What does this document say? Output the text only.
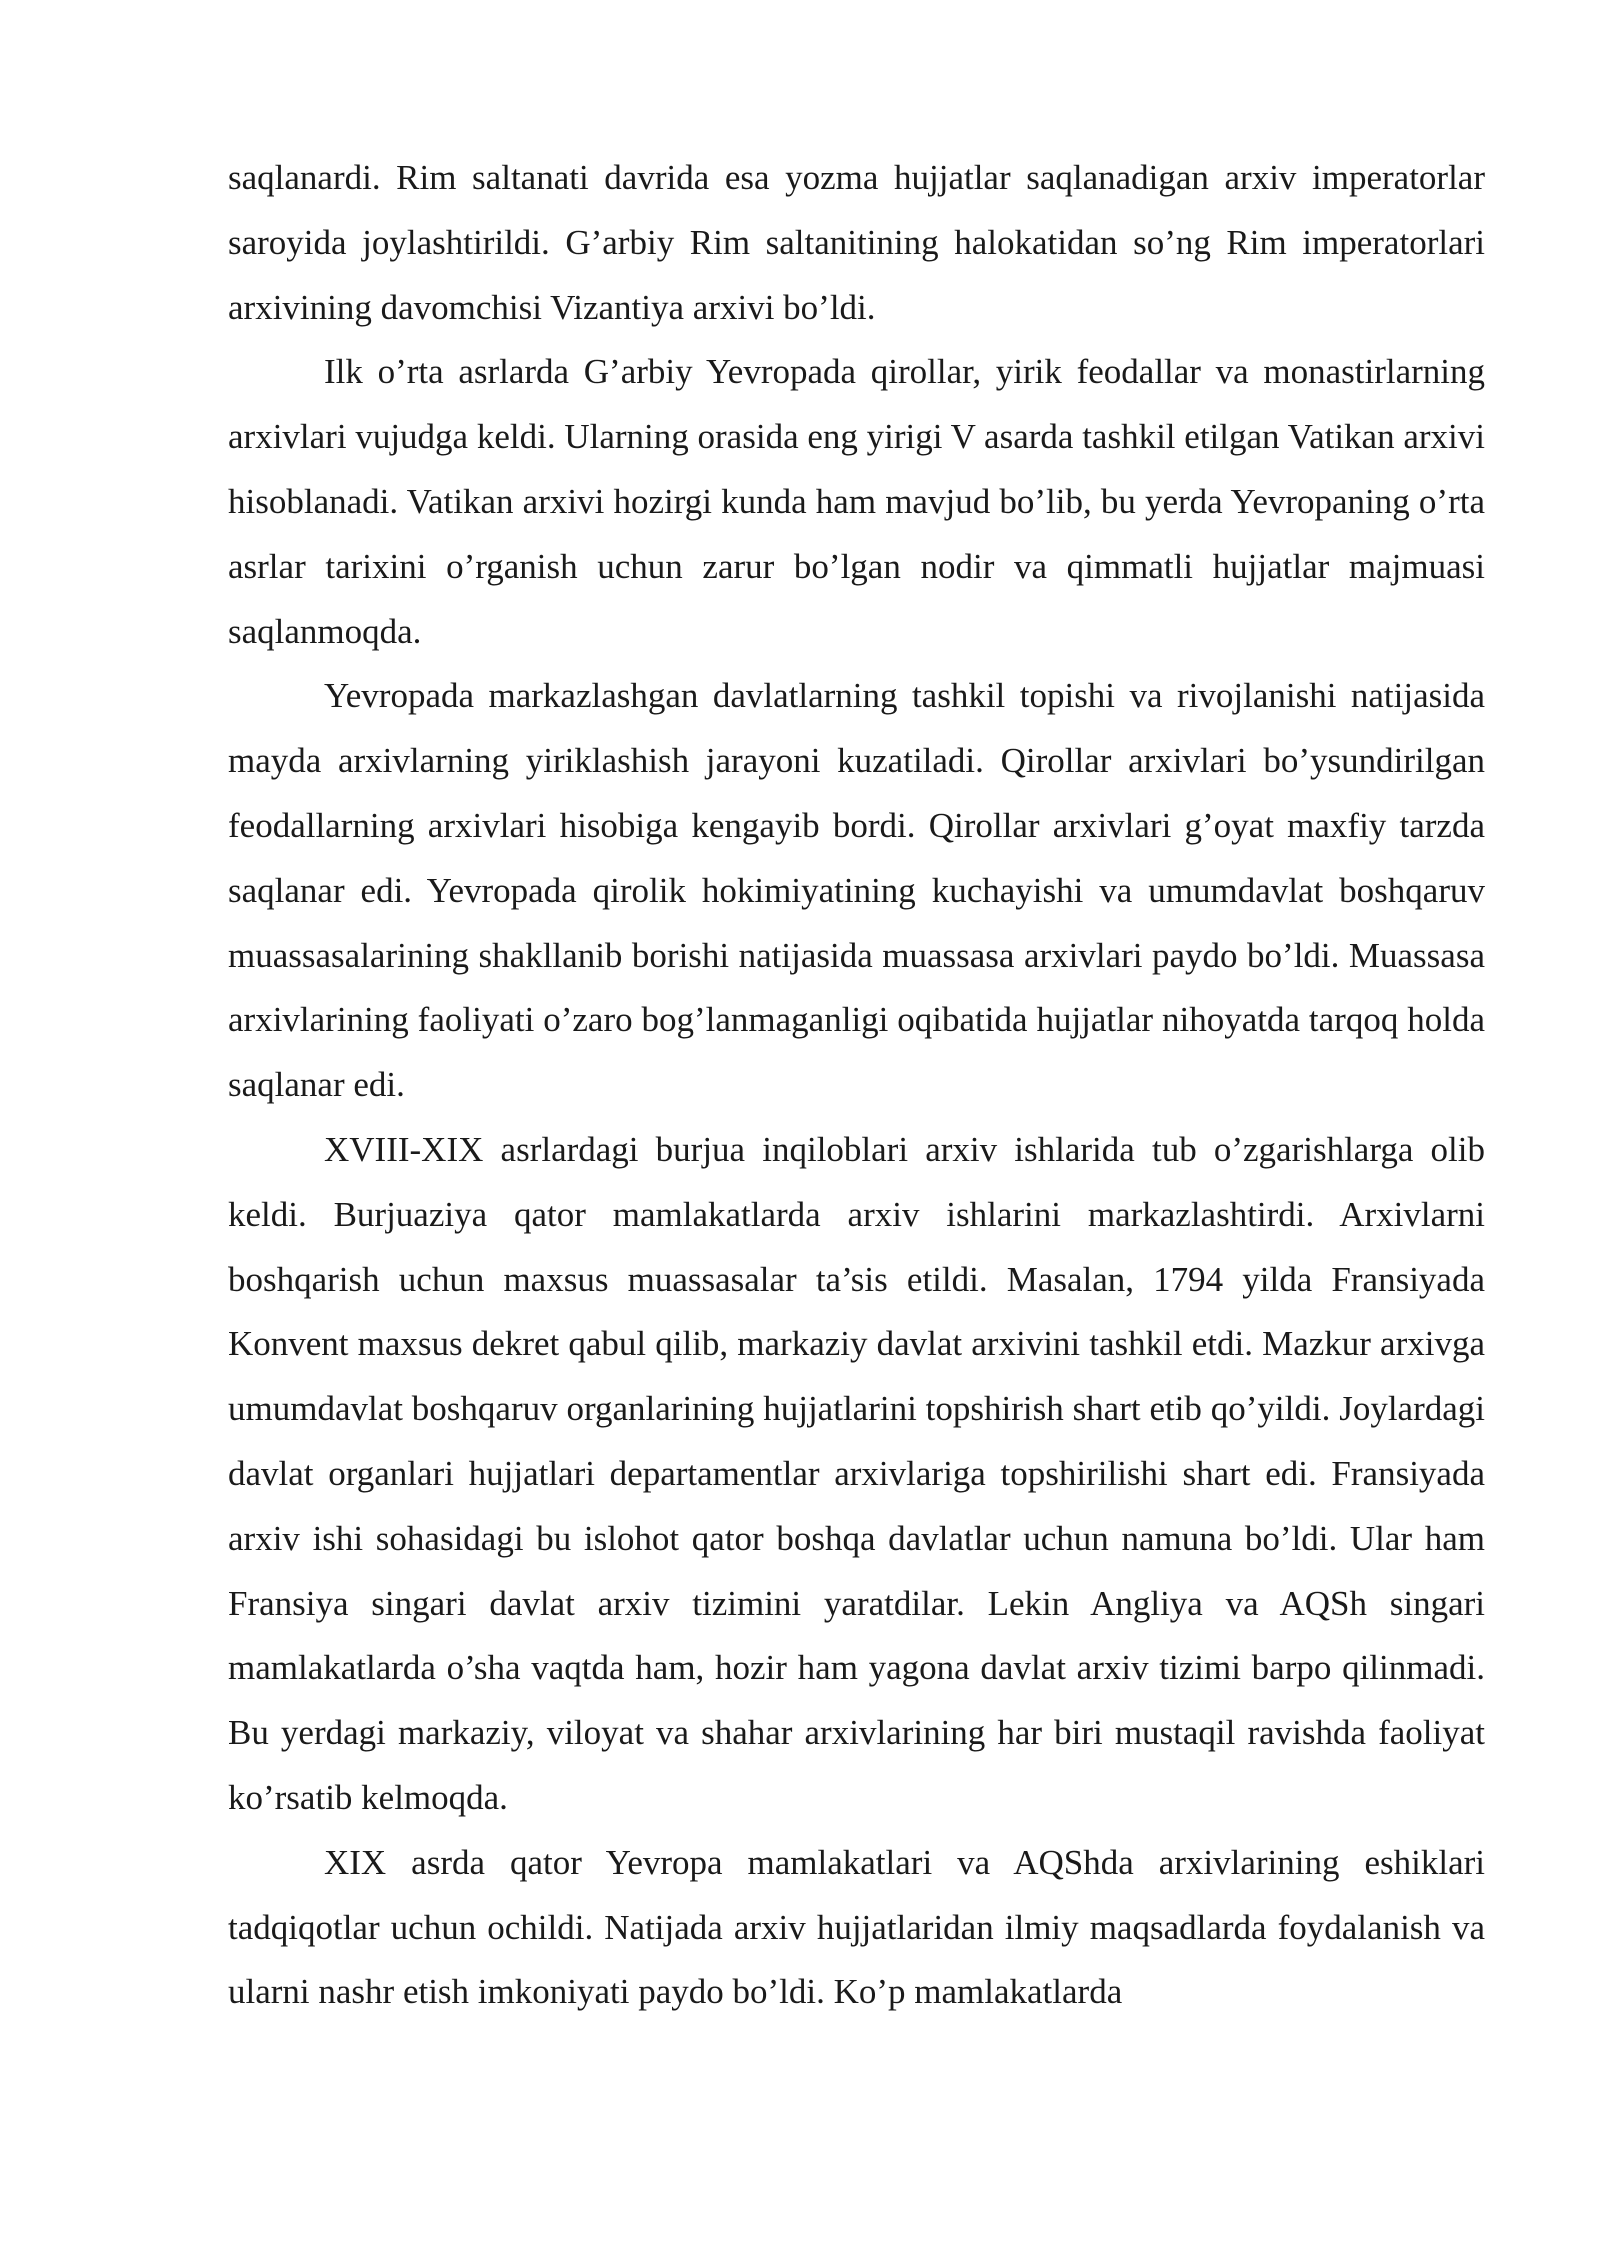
saqlanardi. Rim saltanati davrida esa yozma hujjatlar saqlanadigan arxiv imperatorlar saroyida joylashtirildi. G’arbiy Rim saltanitining halokatidan so’ng Rim imperatorlari arxivining davomchisi Vizantiya arxivi bo’ldi.

Ilk o’rta asrlarda G’arbiy Yevropada qirollar, yirik feodallar va monastirlarning arxivlari vujudga keldi. Ularning orasida eng yirigi V asarda tashkil etilgan Vatikan arxivi hisoblanadi. Vatikan arxivi hozirgi kunda ham mavjud bo’lib, bu yerda Yevropaning o’rta asrlar tarixini o’rganish uchun zarur bo’lgan nodir va qimmatli hujjatlar majmuasi saqlanmoqda.

Yevropada markazlashgan davlatlarning tashkil topishi va rivojlanishi natijasida mayda arxivlarning yiriklashish jarayoni kuzatiladi. Qirollar arxivlari bo’ysundirilgan feodallarning arxivlari hisobiga kengayib bordi. Qirollar arxivlari g’oyat maxfiy tarzda saqlanar edi. Yevropada qirolik hokimiyatining kuchayishi va umumdavlat boshqaruv muassasalarining shakllanib borishi natijasida muassasa arxivlari paydo bo’ldi. Muassasa arxivlarining faoliyati o’zaro bog’lanmaganligi oqibatida hujjatlar nihoyatda tarqoq holda saqlanar edi.

XVIII-XIX asrlardagi burjua inqiloblari arxiv ishlarida tub o’zgarishlarga olib keldi. Burjuaziya qator mamlakatlarda arxiv ishlarini markazlashtirdi. Arxivlarni boshqarish uchun maxsus muassasalar ta’sis etildi. Masalan, 1794 yilda Fransiyada Konvent maxsus dekret qabul qilib, markaziy davlat arxivini tashkil etdi. Mazkur arxivga umumdavlat boshqaruv organlarining hujjatlarini topshirish shart etib qo’yildi. Joylardagi davlat organlari hujjatlari departamentlar arxivlariga topshirilishi shart edi. Fransiyada arxiv ishi sohasidagi bu islohot qator boshqa davlatlar uchun namuna bo’ldi. Ular ham Fransiya singari davlat arxiv tizimini yaratdilar. Lekin Angliya va AQSh singari mamlakatlarda o’sha vaqtda ham, hozir ham yagona davlat arxiv tizimi barpo qilinmadi. Bu yerdagi markaziy, viloyat va shahar arxivlarining har biri mustaqil ravishda faoliyat ko’rsatib kelmoqda.

XIX asrda qator Yevropa mamlakatlari va AQShda arxivlarining eshiklari tadqiqotlar uchun ochildi. Natijada arxiv hujjatlaridan ilmiy maqsadlarda foydalanish va ularni nashr etish imkoniyati paydo bo’ldi. Ko’p mamlakatlarda
